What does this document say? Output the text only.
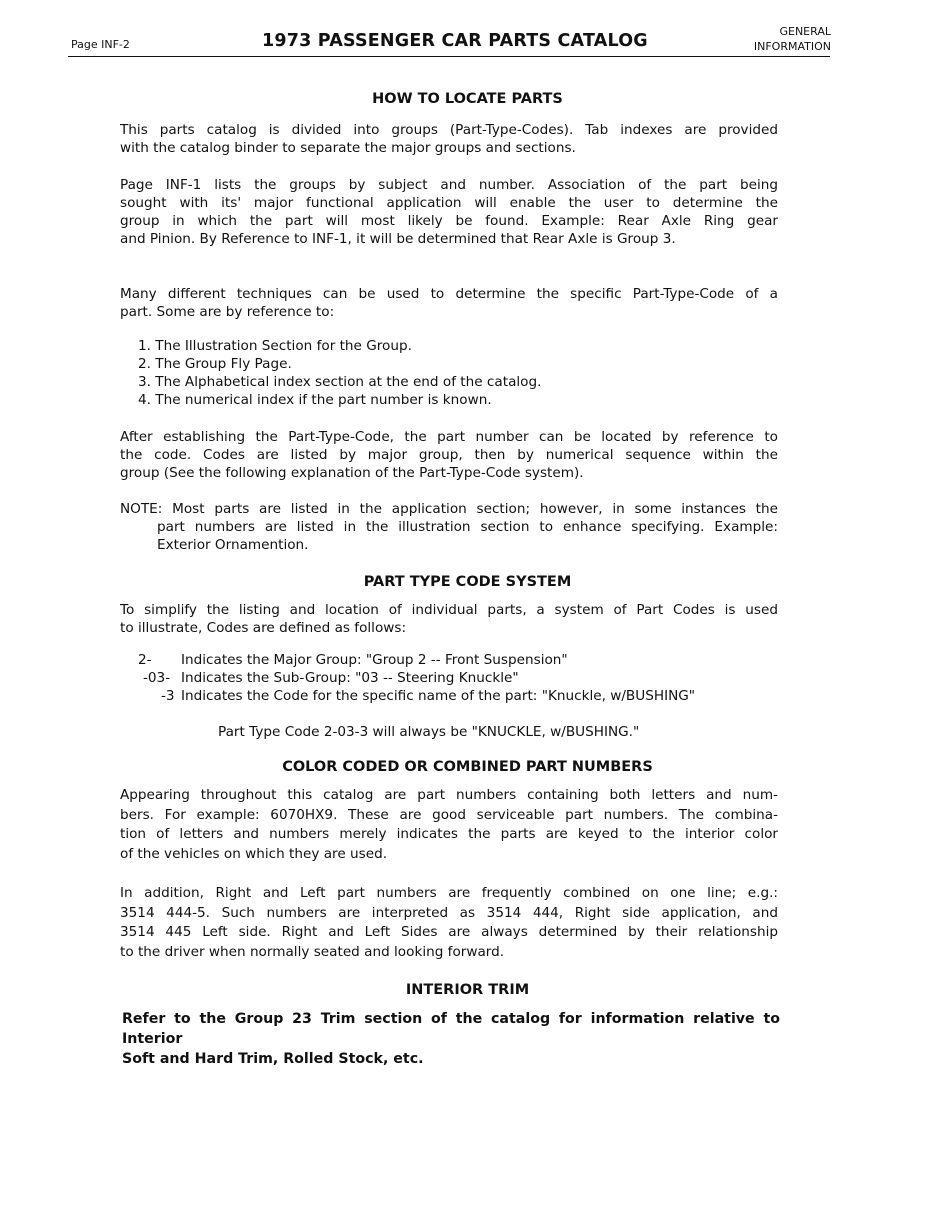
Page INF-2	1973 PASSENGER CAR PARTS CATALOG	GENERAL
INFORMATION
HOW TO LOCATE PARTS
This parts catalog is divided into groups (Part-Type-Codes). Tab indexes are provided
with the catalog binder to separate the major groups and sections.
Page INF-1 lists the groups by subject and number. Association of the part being
sought with its' major functional application will enable the user to determine the
group in which the part will most likely be found. Example: Rear Axle Ring gear
and Pinion. By Reference to INF-1, it will be determined that Rear Axle is Group 3.
Many different techniques can be used to determine the specific Part-Type-Code of a
part. Some are by reference to:
1. The Illustration Section for the Group.
2. The Group Fly Page.
3. The Alphabetical index section at the end of the catalog.
4. The numerical index if the part number is known.
After establishing the Part-Type-Code, the part number can be located by reference to
the code. Codes are listed by major group, then by numerical sequence within the
group (See the following explanation of the Part-Type-Code system).
NOTE: Most parts are listed in the application section; however, in some instances the
part numbers are listed in the illustration section to enhance specifying. Example:
Exterior Ornamention.
PART TYPE CODE SYSTEM
To simplify the listing and location of individual parts, a system of Part Codes is used
to illustrate, Codes are defined as follows:
2- Indicates the Major Group: "Group 2 -- Front Suspension"
-03- Indicates the Sub-Group: "03 -- Steering Knuckle"
-3 Indicates the Code for the specific name of the part: "Knuckle, w/BUSHING"
Part Type Code 2-03-3 will always be "KNUCKLE, w/BUSHING."
COLOR CODED OR COMBINED PART NUMBERS
Appearing throughout this catalog are part numbers containing both letters and num-
bers. For example: 6070HX9. These are good serviceable part numbers. The combina-
tion of letters and numbers merely indicates the parts are keyed to the interior color
of the vehicles on which they are used.
In addition, Right and Left part numbers are frequently combined on one line; e.g.:
3514 444-5. Such numbers are interpreted as 3514 444, Right side application, and
3514 445 Left side. Right and Left Sides are always determined by their relationship
to the driver when normally seated and looking forward.
INTERIOR TRIM
Refer to the Group 23 Trim section of the catalog for information relative to Interior
Soft and Hard Trim, Rolled Stock, etc.
